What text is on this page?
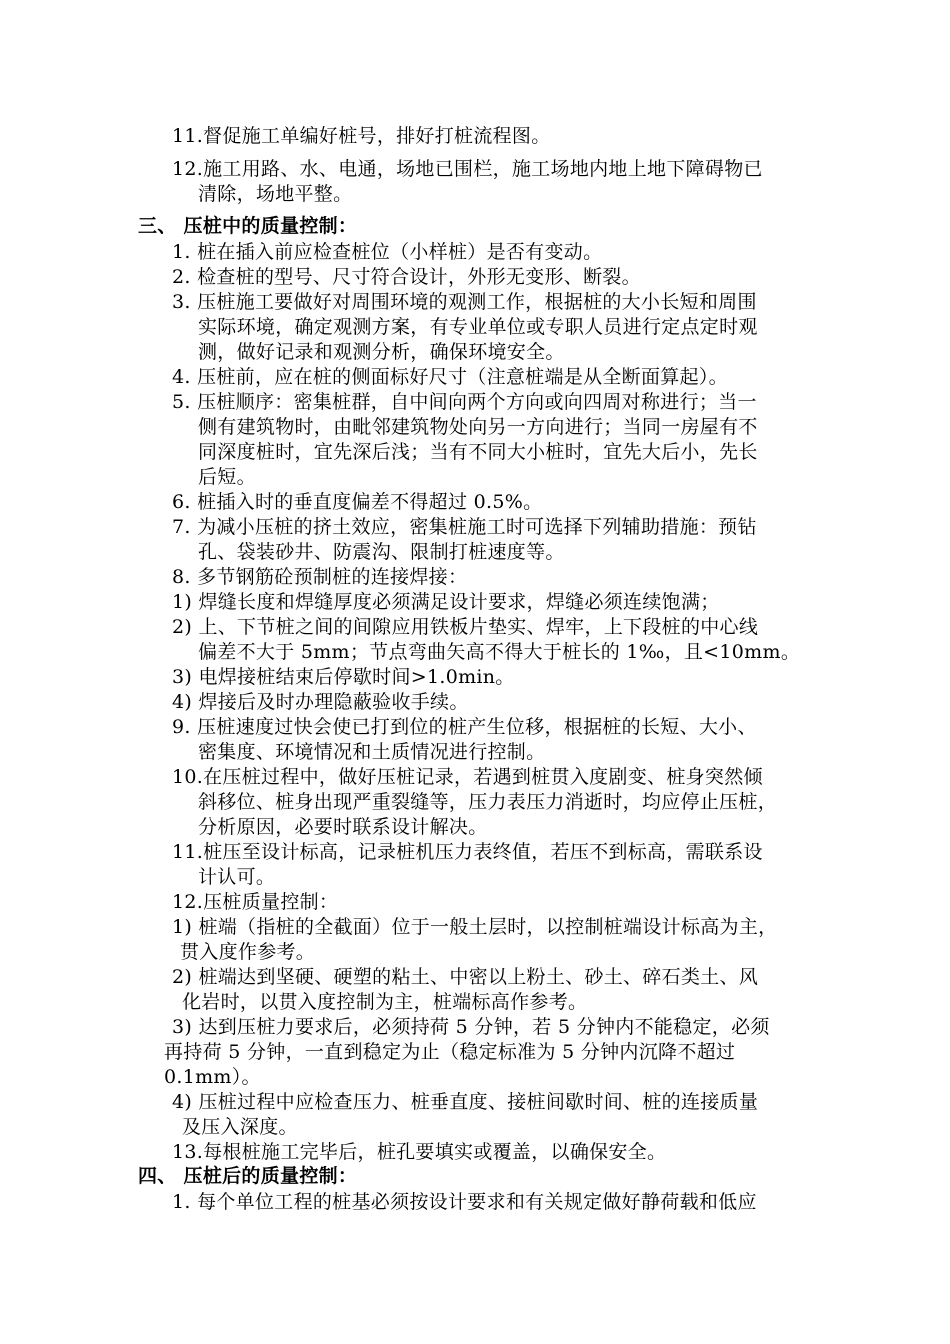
11.督促施工单编好桩号，排好打桩流程图。
12.施工用路、水、电通，场地已围栏，施工场地内地上地下障碍物已
清除，场地平整。
三、 压桩中的质量控制：
1. 桩在插入前应检查桩位（小样桩）是否有变动。
2. 检查桩的型号、尺寸符合设计，外形无变形、断裂。
3. 压桩施工要做好对周围环境的观测工作，根据桩的大小长短和周围
实际环境，确定观测方案，有专业单位或专职人员进行定点定时观
测，做好记录和观测分析，确保环境安全。
4. 压桩前，应在桩的侧面标好尺寸（注意桩端是从全断面算起）。
5. 压桩顺序：密集桩群，自中间向两个方向或向四周对称进行；当一
侧有建筑物时，由毗邻建筑物处向另一方向进行；当同一房屋有不
同深度桩时，宜先深后浅；当有不同大小桩时，宜先大后小，先长
后短。
6. 桩插入时的垂直度偏差不得超过 0.5%。
7. 为减小压桩的挤土效应，密集桩施工时可选择下列辅助措施：预钻
孔、袋装砂井、防震沟、限制打桩速度等。
8. 多节钢筋砼预制桩的连接焊接：
1) 焊缝长度和焊缝厚度必须满足设计要求，焊缝必须连续饱满；
2) 上、下节桩之间的间隙应用铁板片垫实、焊牢，上下段桩的中心线
偏差不大于 5mm；节点弯曲矢高不得大于桩长的 1‰，且<10mm。
3) 电焊接桩结束后停歇时间>1.0min。
4) 焊接后及时办理隐蔽验收手续。
9. 压桩速度过快会使已打到位的桩产生位移，根据桩的长短、大小、
密集度、环境情况和土质情况进行控制。
10.在压桩过程中，做好压桩记录，若遇到桩贯入度剧变、桩身突然倾
斜移位、桩身出现严重裂缝等，压力表压力消逝时，均应停止压桩，
分析原因，必要时联系设计解决。
11.桩压至设计标高，记录桩机压力表终值，若压不到标高，需联系设
计认可。
12.压桩质量控制：
1) 桩端（指桩的全截面）位于一般土层时，以控制桩端设计标高为主，
贯入度作参考。
2) 桩端达到坚硬、硬塑的粘土、中密以上粉土、砂土、碎石类土、风
化岩时，以贯入度控制为主，桩端标高作参考。
3) 达到压桩力要求后，必须持荷 5 分钟，若 5 分钟内不能稳定，必须
再持荷 5 分钟，一直到稳定为止（稳定标准为 5 分钟内沉降不超过
0.1mm）。
4) 压桩过程中应检查压力、桩垂直度、接桩间歇时间、桩的连接质量
及压入深度。
13.每根桩施工完毕后，桩孔要填实或覆盖，以确保安全。
四、 压桩后的质量控制：
1. 每个单位工程的桩基必须按设计要求和有关规定做好静荷载和低应
